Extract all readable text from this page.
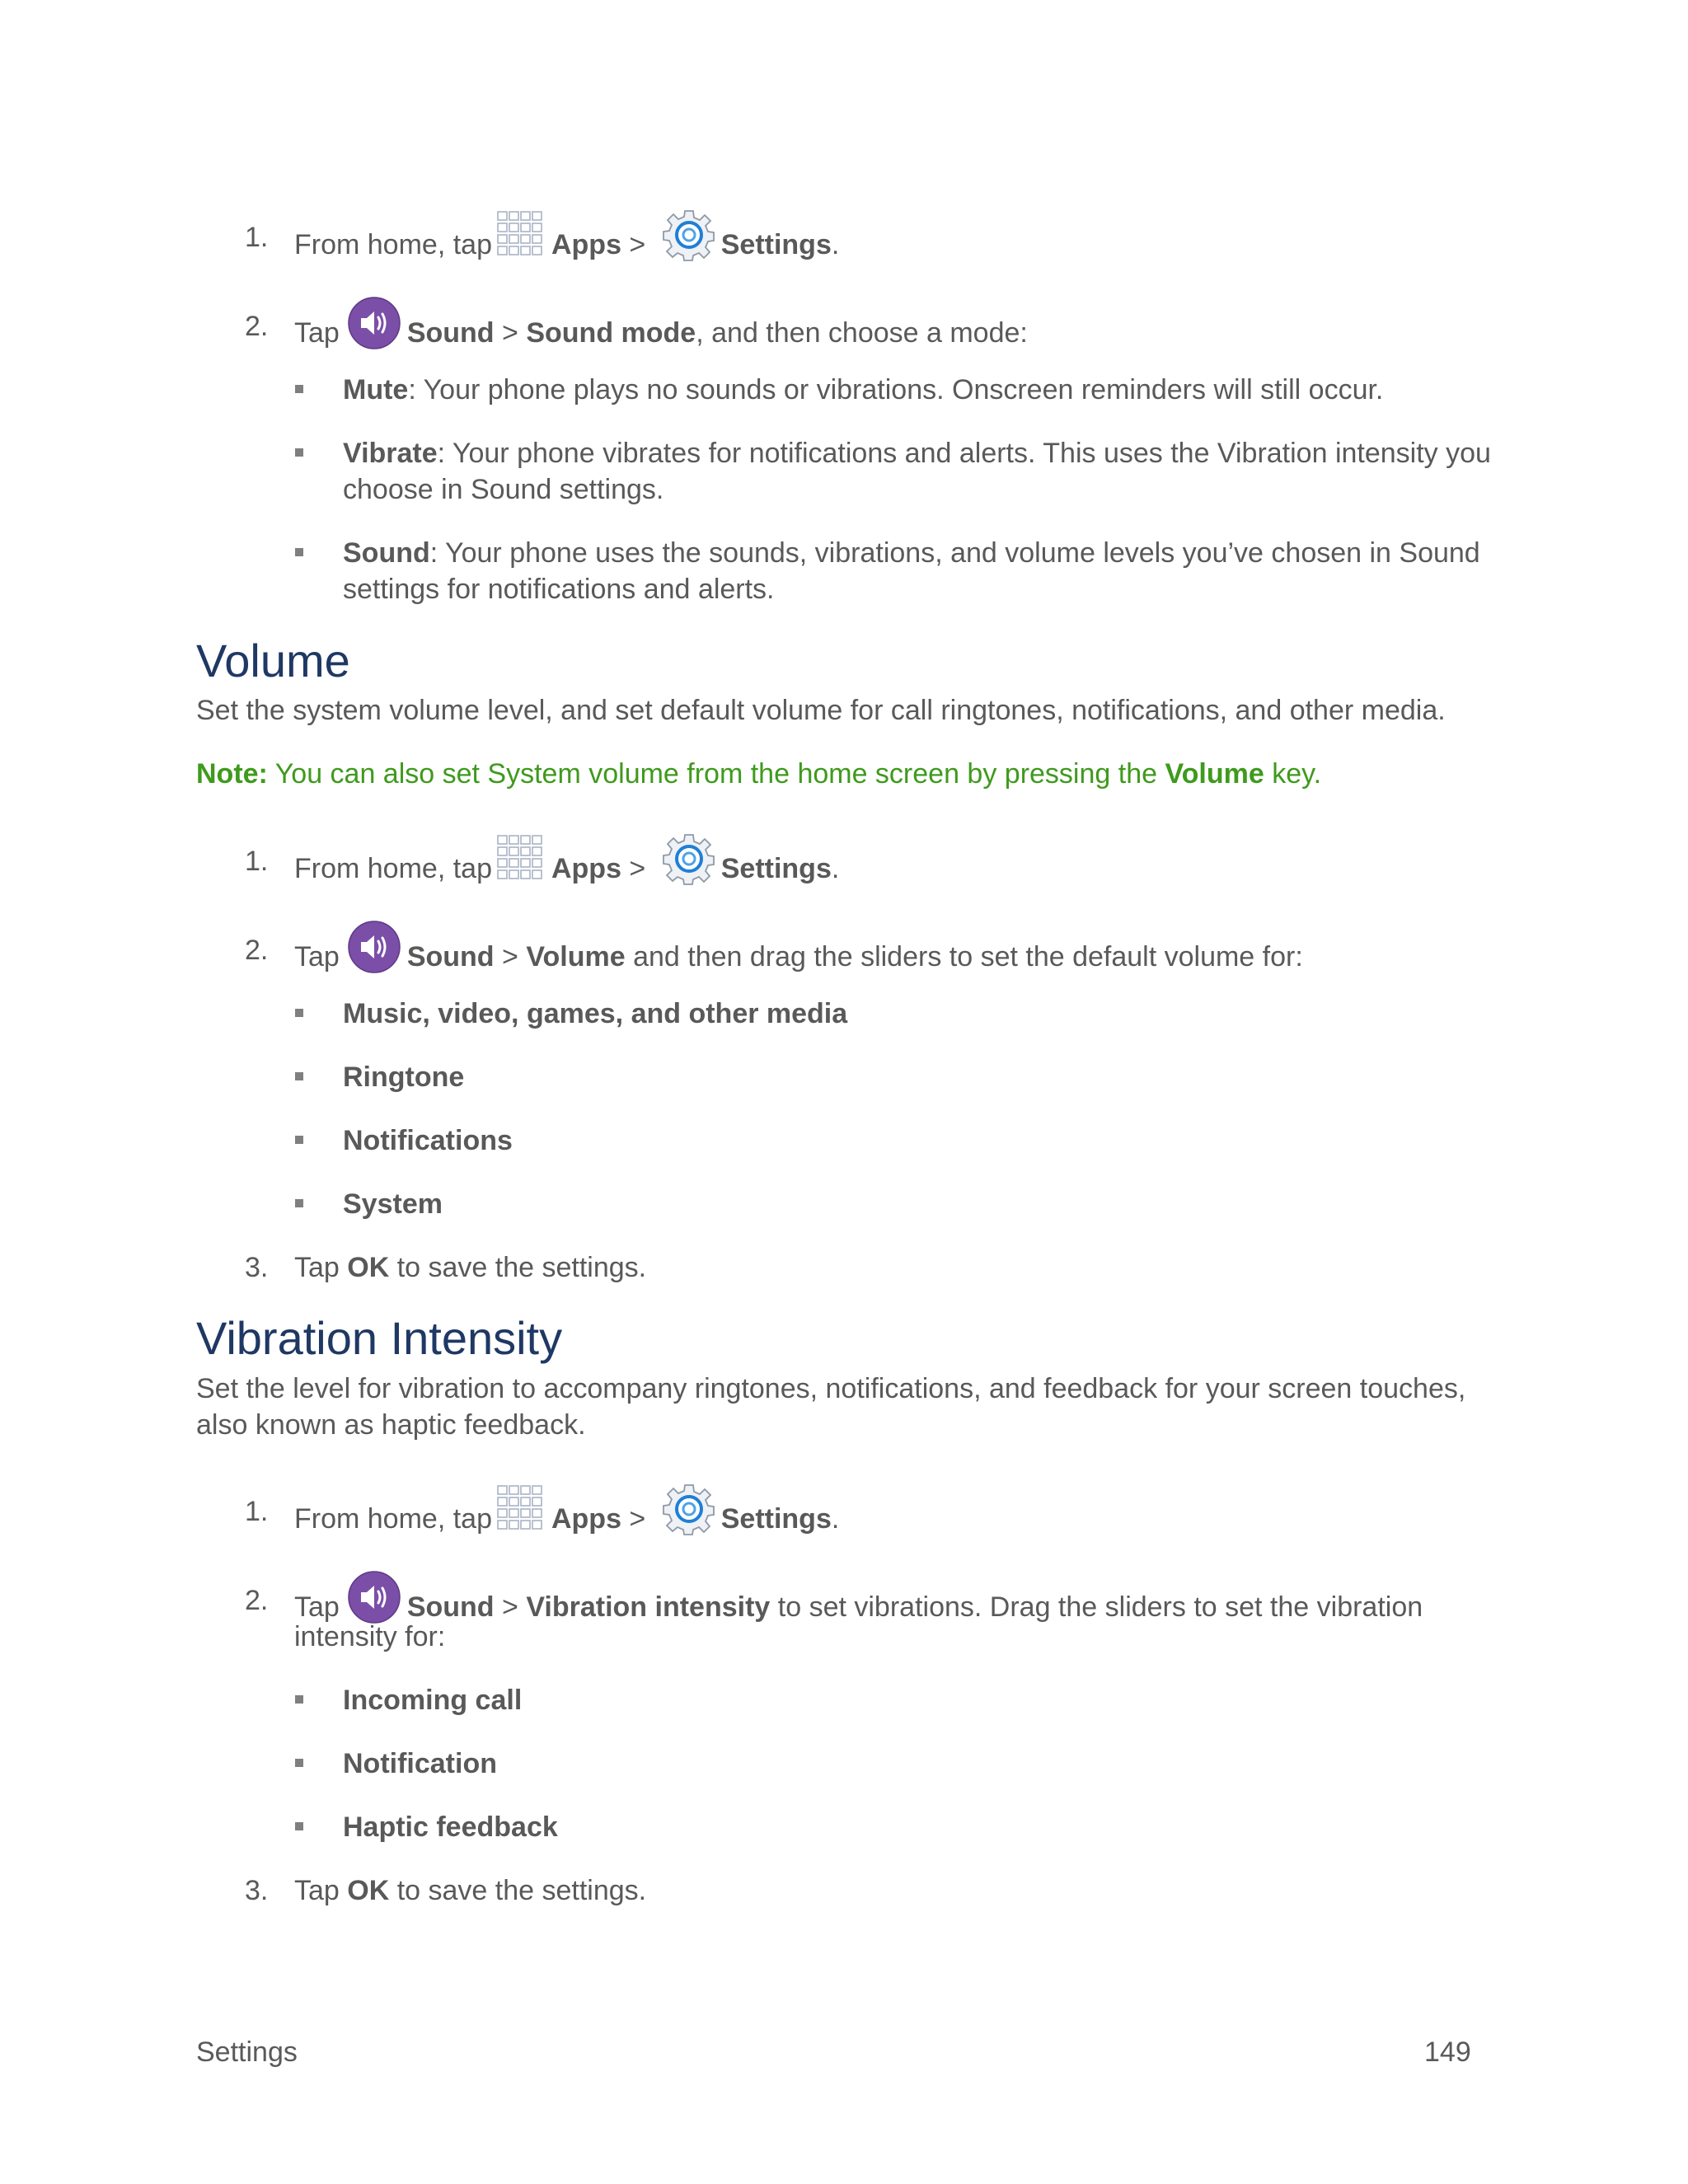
1. From home, tap Apps > Settings.
2. Tap Sound > Sound mode, and then choose a mode:
Mute: Your phone plays no sounds or vibrations. Onscreen reminders will still occur.
Vibrate: Your phone vibrates for notifications and alerts. This uses the Vibration intensity you
choose in Sound settings.
Sound: Your phone uses the sounds, vibrations, and volume levels you’ve chosen in Sound
settings for notifications and alerts.
Volume
Set the system volume level, and set default volume for call ringtones, notifications, and other media.
Note: You can also set System volume from the home screen by pressing the Volume key.
1. From home, tap Apps > Settings.
2. Tap Sound > Volume and then drag the sliders to set the default volume for:
Music, video, games, and other media
Ringtone
Notifications
System
3. Tap OK to save the settings.
Vibration Intensity
Set the level for vibration to accompany ringtones, notifications, and feedback for your screen touches,
also known as haptic feedback.
1. From home, tap Apps > Settings.
2. Tap Sound > Vibration intensity to set vibrations. Drag the sliders to set the vibration
intensity for:
Incoming call
Notification
Haptic feedback
3. Tap OK to save the settings.
Settings	149
